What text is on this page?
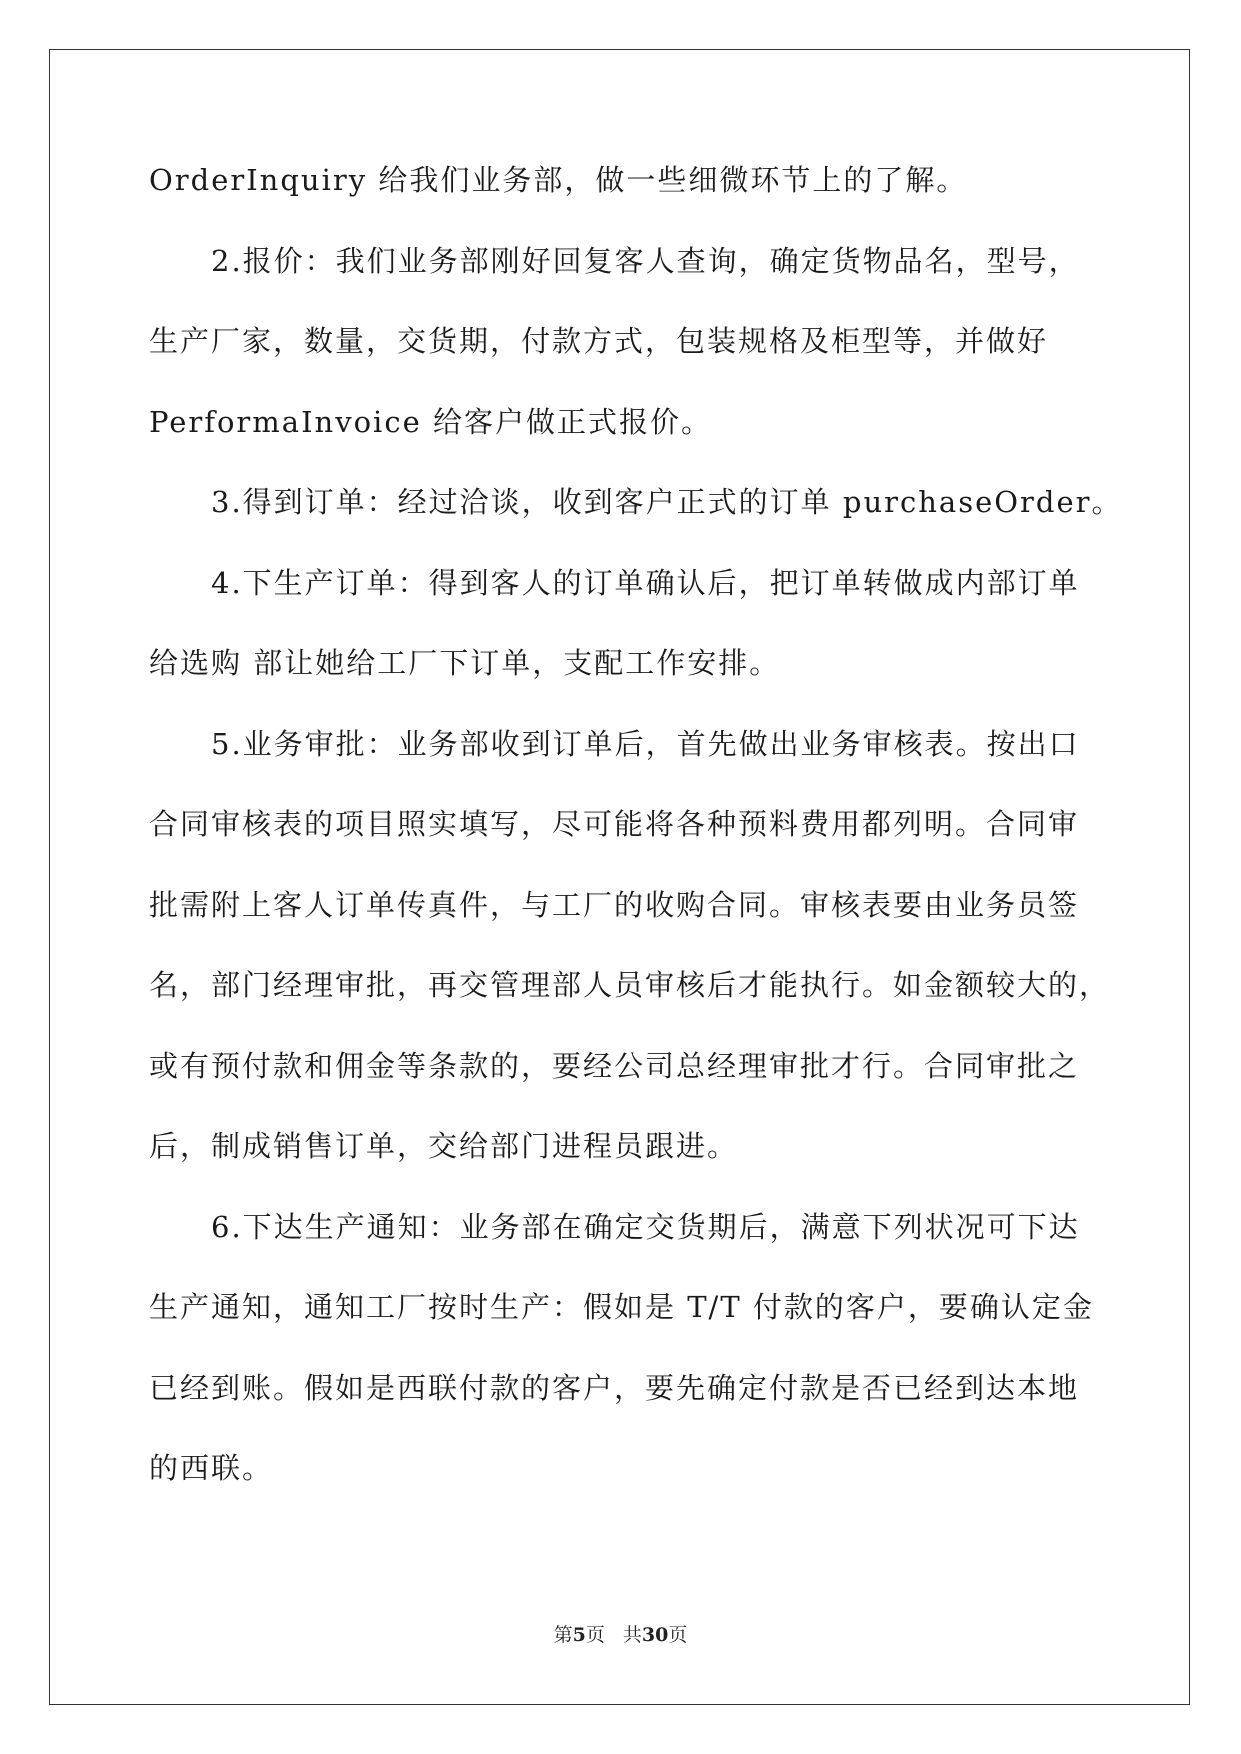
OrderInquiry 给我们业务部，做一些细微环节上的了解。
2.报价：我们业务部刚好回复客人查询，确定货物品名，型号，
生产厂家，数量，交货期，付款方式，包装规格及柜型等，并做好
PerformaInvoice 给客户做正式报价。
3.得到订单：经过洽谈，收到客户正式的订单 purchaseOrder。
4.下生产订单：得到客人的订单确认后，把订单转做成内部订单
给选购 部让她给工厂下订单，支配工作安排。
5.业务审批：业务部收到订单后，首先做出业务审核表。按出口
合同审核表的项目照实填写，尽可能将各种预料费用都列明。合同审
批需附上客人订单传真件，与工厂的收购合同。审核表要由业务员签
名，部门经理审批，再交管理部人员审核后才能执行。如金额较大的，
或有预付款和佣金等条款的，要经公司总经理审批才行。合同审批之
后，制成销售订单，交给部门进程员跟进。
6.下达生产通知：业务部在确定交货期后，满意下列状况可下达
生产通知，通知工厂按时生产：假如是 T/T 付款的客户，要确认定金
已经到账。假如是西联付款的客户，要先确定付款是否已经到达本地
的西联。
第5页 共30页
